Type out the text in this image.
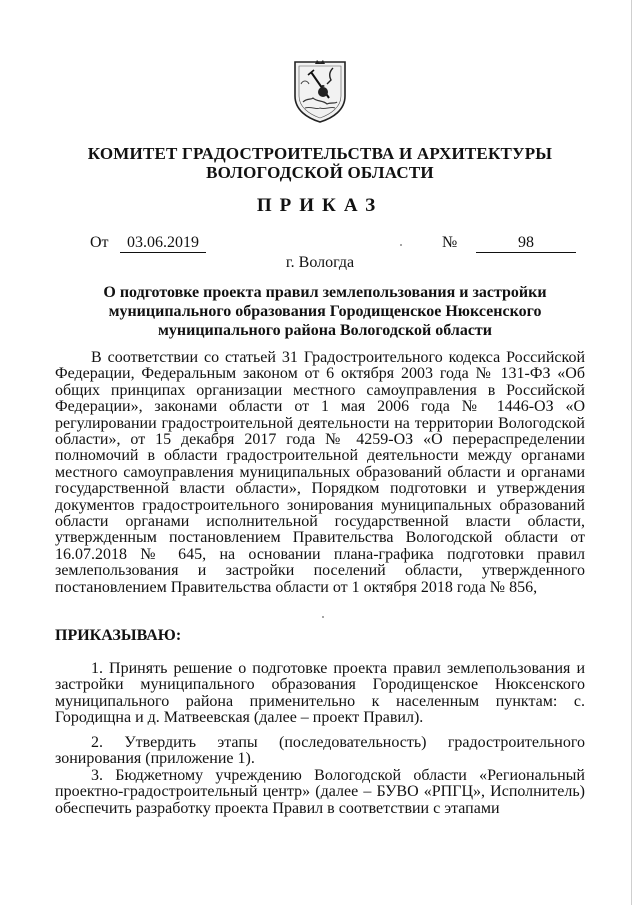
КОМИТЕТ ГРАДОСТРОИТЕЛЬСТВА И АРХИТЕКТУРЫ
ВОЛОГОДСКОЙ ОБЛАСТИ
ПРИКАЗ
От	03.06.2019	№	98
г. Вологда
О подготовке проекта правил землепользования и застройки
муниципального образования Городищенское Нюксенского
муниципального района Вологодской области

В соответствии со статьей 31 Градостроительного кодекса Российской Федерации, Федеральным законом от 6 октября 2003 года № 131-ФЗ «Об общих принципах организации местного самоуправления в Российской Федерации», законами области от 1 мая 2006 года № 1446-ОЗ «О регулировании градостроительной деятельности на территории Вологодской области», от 15 декабря 2017 года № 4259-ОЗ «О перераспределении полномочий в области градостроительной деятельности между органами местного самоуправления муниципальных образований области и органами государственной власти области», Порядком подготовки и утверждения документов градостроительного зонирования муниципальных образований области органами исполнительной государственной власти области, утвержденным постановлением Правительства Вологодской области от 16.07.2018 № 645, на основании плана-графика подготовки правил землепользования и застройки поселений области, утвержденного постановлением Правительства области от 1 октября 2018 года № 856,

ПРИКАЗЫВАЮ:

1. Принять решение о подготовке проекта правил землепользования и застройки муниципального образования Городищенское Нюксенского муниципального района применительно к населенным пунктам: с. Городищна и д. Матвеевская (далее – проект Правил).

2. Утвердить этапы (последовательность) градостроительного зонирования (приложение 1).

3. Бюджетному учреждению Вологодской области «Региональный проектно-градостроительный центр» (далее – БУВО «РПГЦ», Исполнитель) обеспечить разработку проекта Правил в соответствии с этапами
